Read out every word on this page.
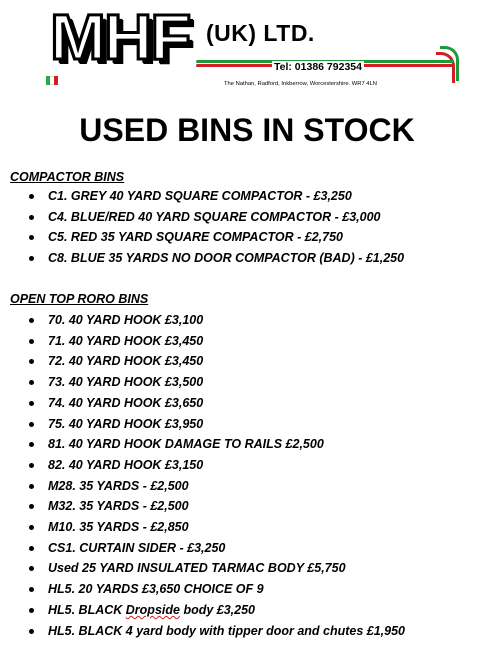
MHF (UK) LTD.
Tel: 01386 792354
The Nathan, Radford, Inkberrow, Worcestershire. WR7 4LN
USED BINS IN STOCK
COMPACTOR BINS
C1. GREY 40 YARD SQUARE COMPACTOR - £3,250
C4. BLUE/RED 40 YARD SQUARE COMPACTOR - £3,000
C5. RED 35 YARD SQUARE COMPACTOR - £2,750
C8. BLUE 35 YARDS NO DOOR COMPACTOR (BAD) - £1,250
OPEN TOP RORO BINS
70. 40 YARD HOOK £3,100
71. 40 YARD HOOK £3,450
72. 40 YARD HOOK £3,450
73. 40 YARD HOOK £3,500
74. 40 YARD HOOK £3,650
75. 40 YARD HOOK £3,950
81. 40 YARD HOOK DAMAGE TO RAILS £2,500
82. 40 YARD HOOK £3,150
M28. 35 YARDS - £2,500
M32. 35 YARDS - £2,500
M10. 35 YARDS - £2,850
CS1. CURTAIN SIDER - £3,250
Used 25 YARD INSULATED TARMAC BODY £5,750
HL5. 20 YARDS £3,650 CHOICE OF 9
HL5. BLACK Dropside body £3,250
HL5. BLACK 4 yard body with tipper door and chutes £1,950
